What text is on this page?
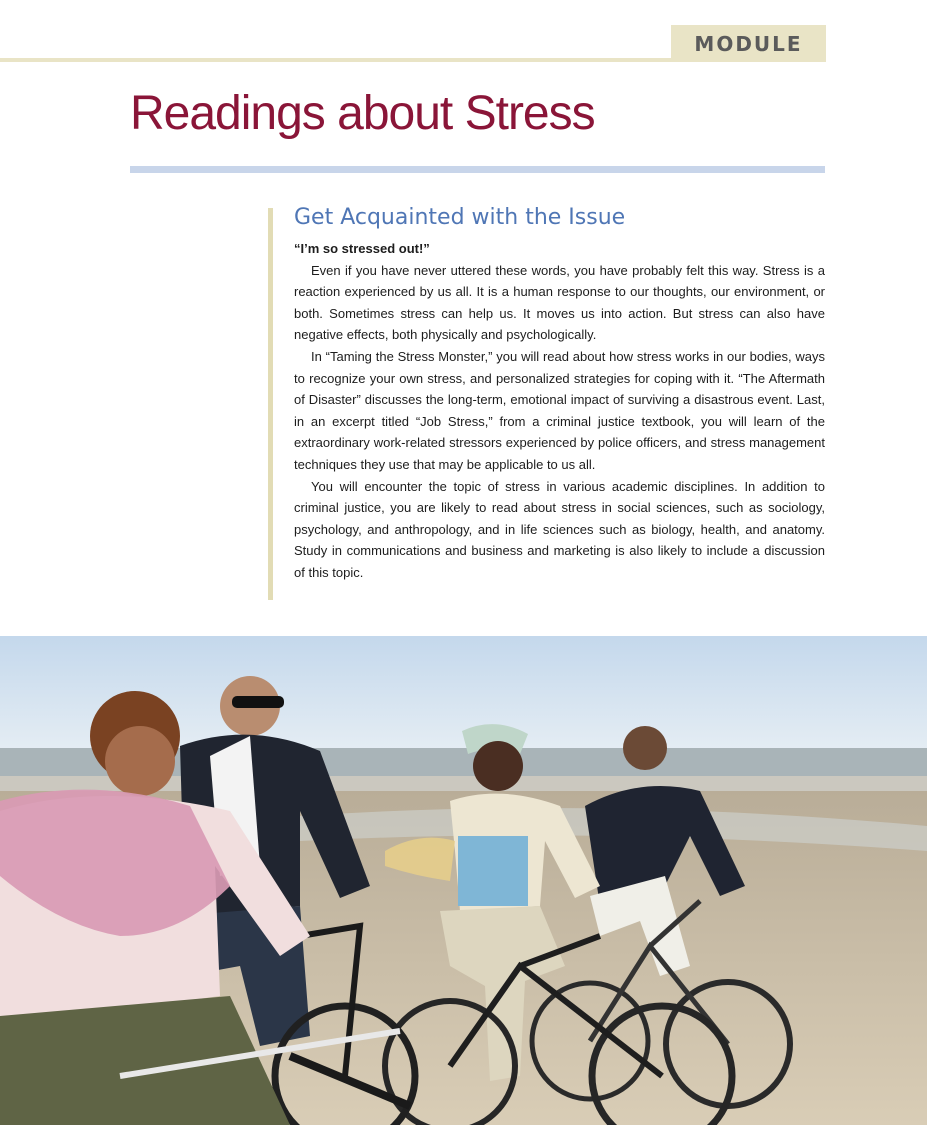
MODULE
Readings about Stress
Get Acquainted with the Issue

“I’m so stressed out!”

Even if you have never uttered these words, you have probably felt this way. Stress is a reaction experienced by us all. It is a human response to our thoughts, our environment, or both. Sometimes stress can help us. It moves us into action. But stress can also have negative effects, both physically and psychologically.

In “Taming the Stress Monster,” you will read about how stress works in our bodies, ways to recognize your own stress, and personalized strategies for coping with it. “The Aftermath of Disaster” discusses the long-term, emotional impact of surviving a disastrous event. Last, in an excerpt titled “Job Stress,” from a criminal justice textbook, you will learn of the extraordinary work-related stressors experienced by police officers, and stress management techniques they use that may be applicable to us all.

You will encounter the topic of stress in various academic disciplines. In addition to criminal justice, you are likely to read about stress in social sciences, such as sociology, psychology, and anthropology, and in life sciences such as biology, health, and anatomy. Study in communications and business and marketing is also likely to include a discussion of this topic.
